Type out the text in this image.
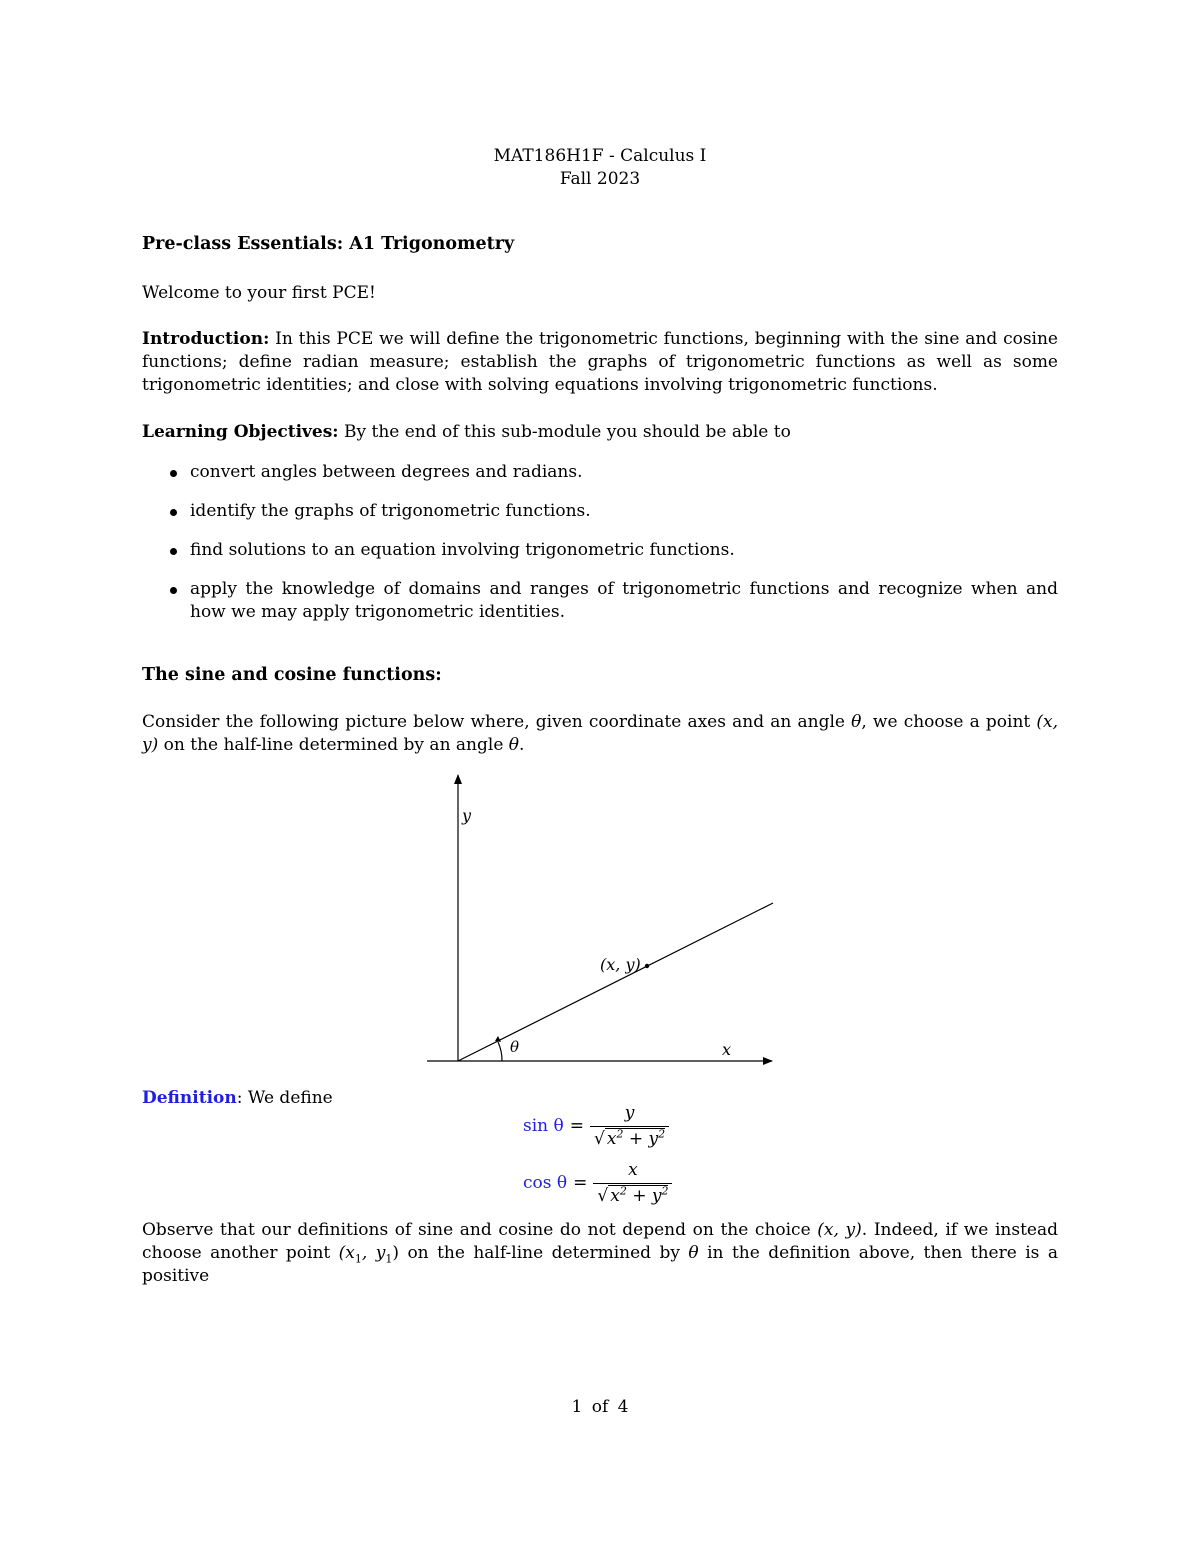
MAT186H1F - Calculus I
Fall 2023
Pre-class Essentials: A1 Trigonometry
Welcome to your first PCE!
Introduction: In this PCE we will define the trigonometric functions, beginning with the sine and cosine functions; define radian measure; establish the graphs of trigonometric functions as well as some trigonometric identities; and close with solving equations involving trigonometric functions.
Learning Objectives: By the end of this sub-module you should be able to
convert angles between degrees and radians.
identify the graphs of trigonometric functions.
find solutions to an equation involving trigonometric functions.
apply the knowledge of domains and ranges of trigonometric functions and recognize when and how we may apply trigonometric identities.
The sine and cosine functions:
Consider the following picture below where, given coordinate axes and an angle θ, we choose a point (x, y) on the half-line determined by an angle θ.
y
x
(x, y)
θ
Definition: We define
$\sin \theta = \frac{y}{√ x^2 + y^2}$
$\cos \theta = \frac{x}{√ x^2 + y^2}$
Observe that our definitions of sine and cosine do not depend on the choice (x, y). Indeed, if we instead choose another point ($x_1$, $y_1$) on the half-line determined by θ in the definition above, then there is a positive
1 of 4
